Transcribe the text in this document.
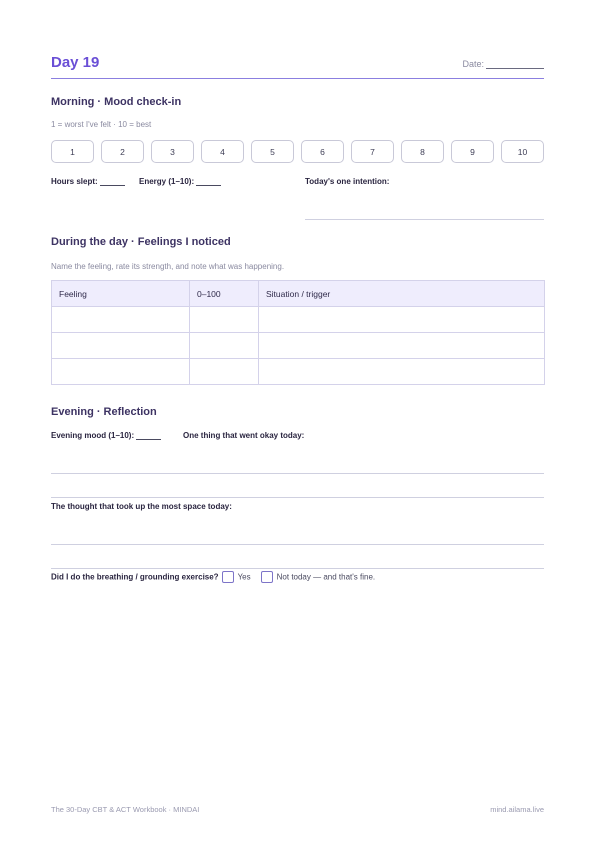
Day 19	Date:
Morning · Mood check-in
1 = worst I've felt · 10 = best
1	2	3	4	5	6	7	8	9	10
Hours slept:	Energy (1–10):	Today's one intention:
During the day · Feelings I noticed
Name the feeling, rate its strength, and note what was happening.
Feeling	0–100	Situation / trigger

Evening · Reflection
Evening mood (1–10):	One thing that went okay today:
The thought that took up the most space today:
Did I do the breathing / grounding exercise? Yes	Not today — and that's fine.
The 30-Day CBT & ACT Workbook · MINDAI	mind.ailama.live
